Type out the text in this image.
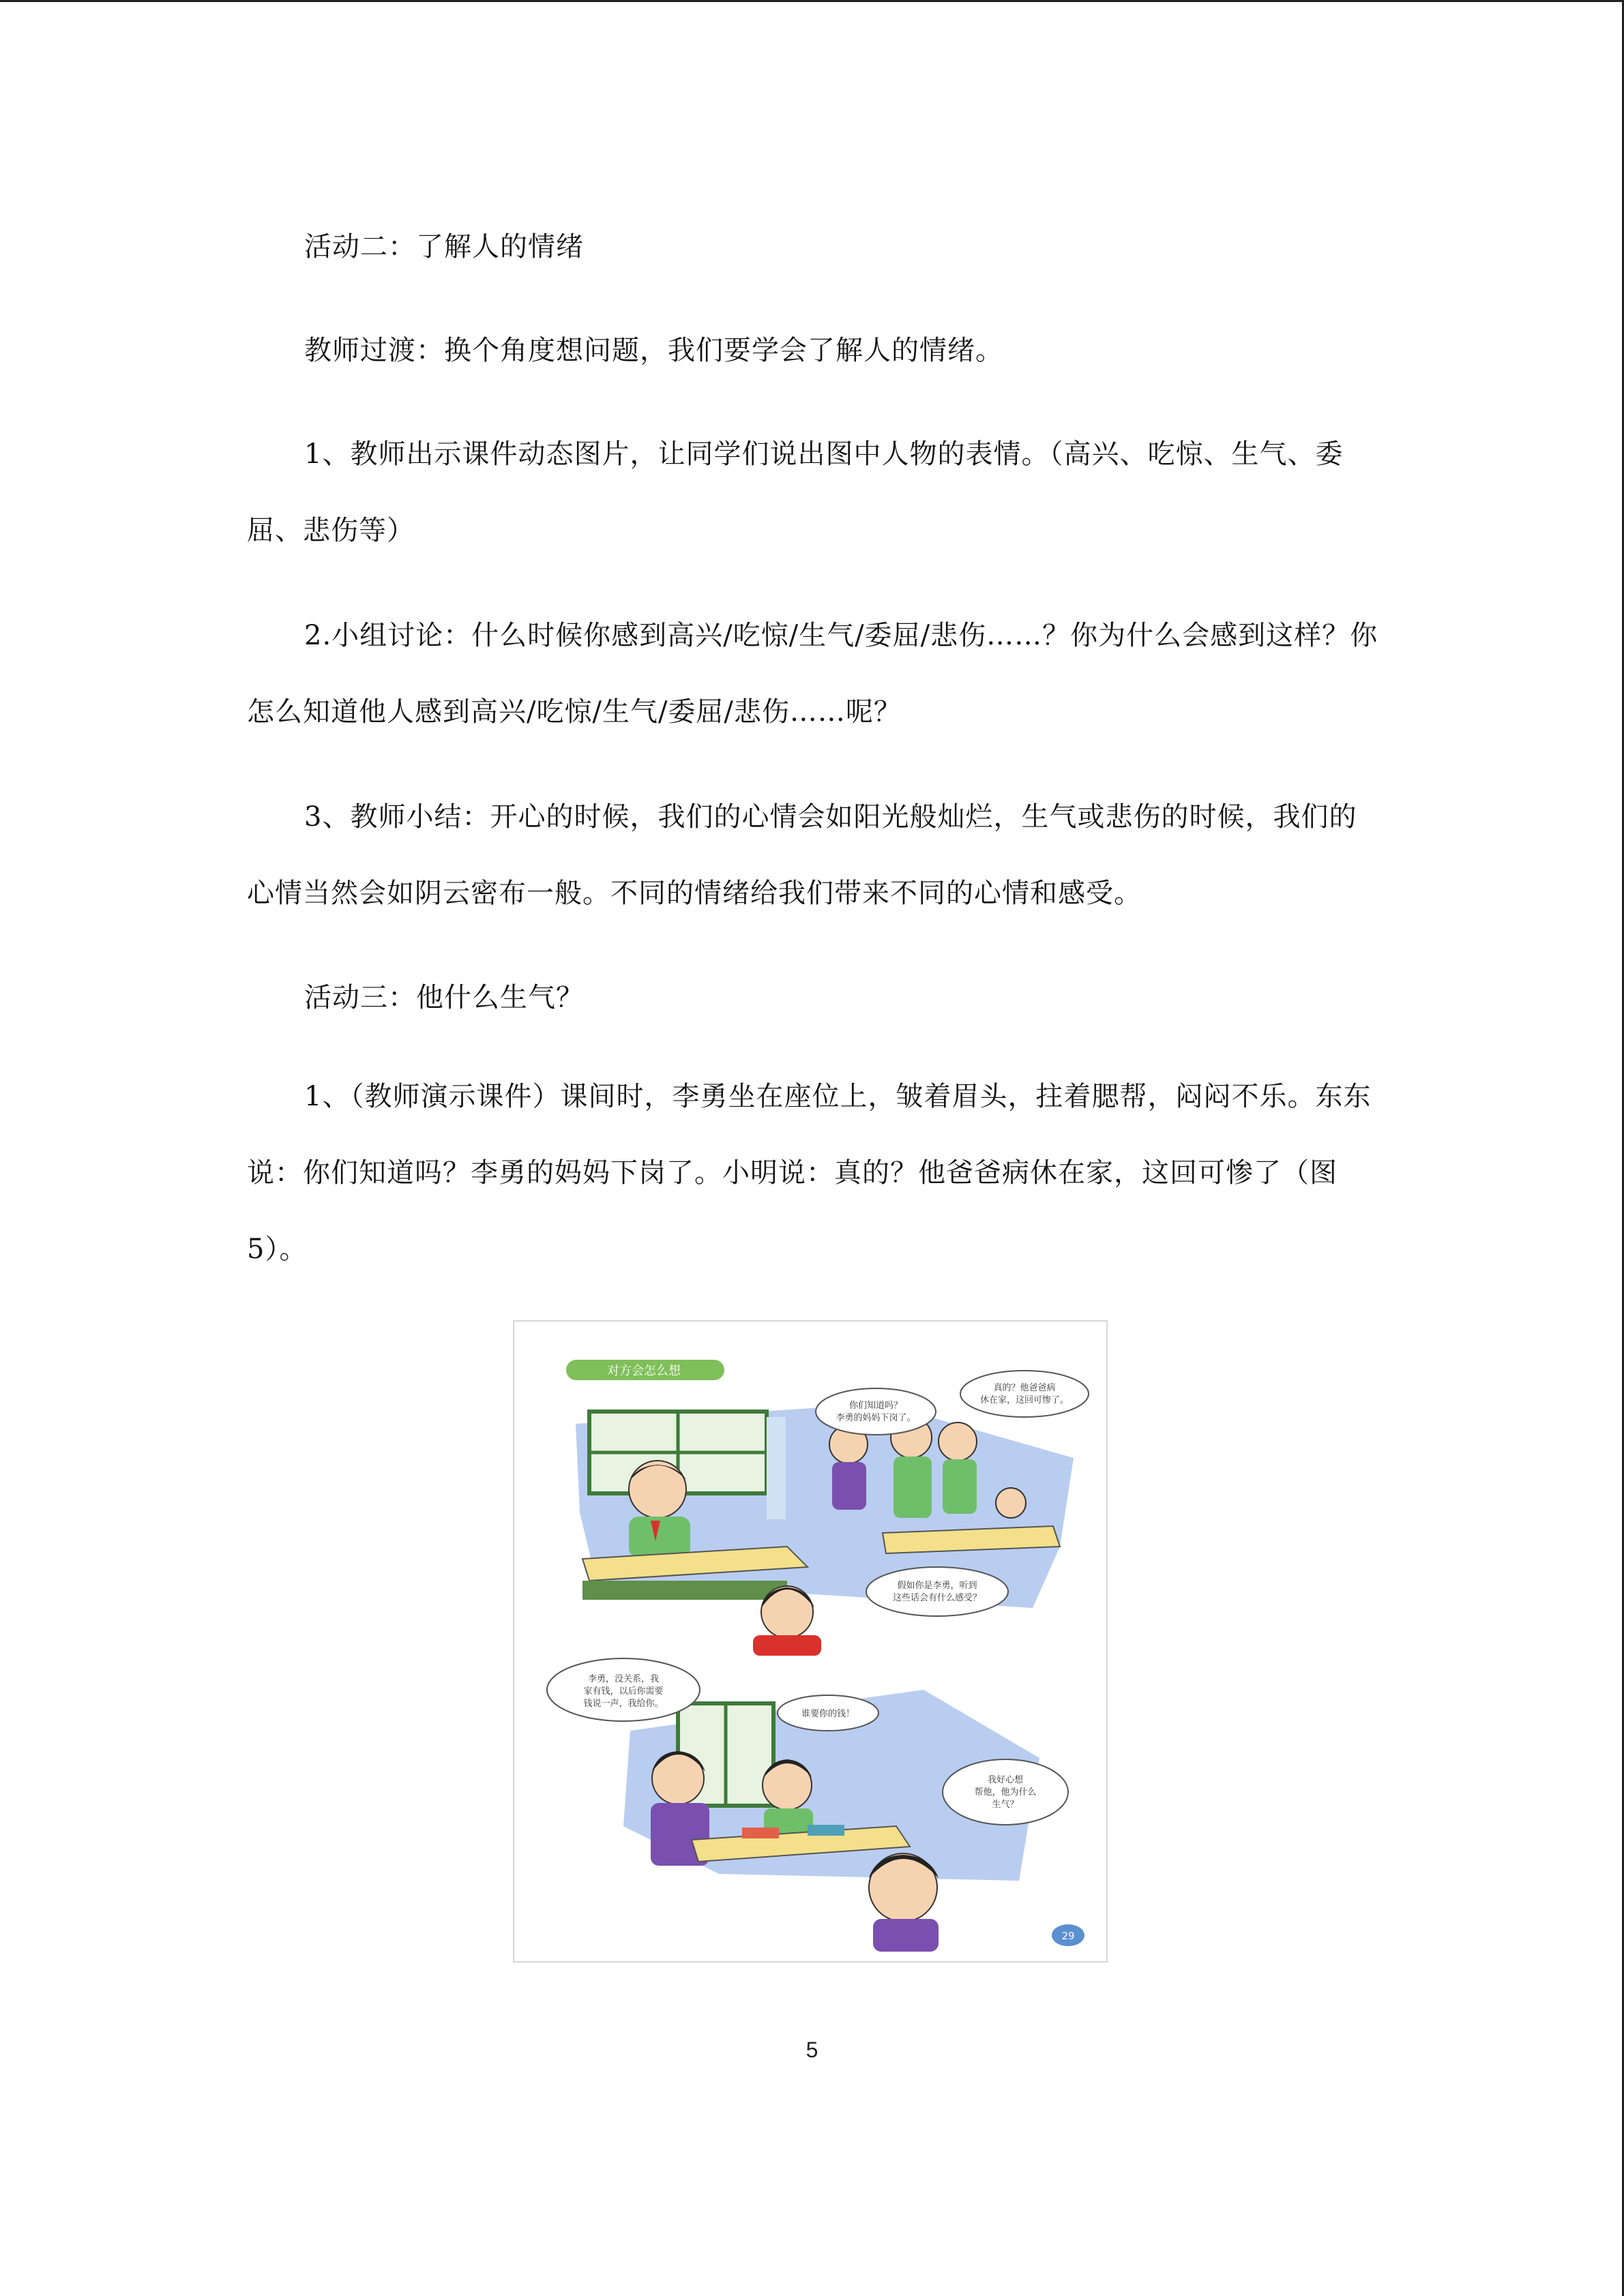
活动二：了解人的情绪

教师过渡：换个角度想问题，我们要学会了解人的情绪。

1、教师出示课件动态图片，让同学们说出图中人物的表情。（高兴、吃惊、生气、委屈、悲伤等）

2.小组讨论：什么时候你感到高兴/吃惊/生气/委屈/悲伤……？你为什么会感到这样？你怎么知道他人感到高兴/吃惊/生气/委屈/悲伤……呢？

3、教师小结：开心的时候，我们的心情会如阳光般灿烂，生气或悲伤的时候，我们的心情当然会如阴云密布一般。不同的情绪给我们带来不同的心情和感受。

活动三：他什么生气？

1、（教师演示课件）课间时，李勇坐在座位上，皱着眉头，拄着腮帮，闷闷不乐。东东说：你们知道吗？李勇的妈妈下岗了。小明说：真的？他爸爸病休在家，这回可惨了（图 5）。

对方会怎么想
你们知道吗？
李勇的妈妈下岗了。
真的？他爸爸病
休在家，这回可惨了。
假如你是李勇，听到
这些话会有什么感受？
李勇，没关系，我
家有钱，以后你需要
钱说一声，我给你。
谁要你的钱！
我好心想
帮他，他为什么
生气？
29
5
